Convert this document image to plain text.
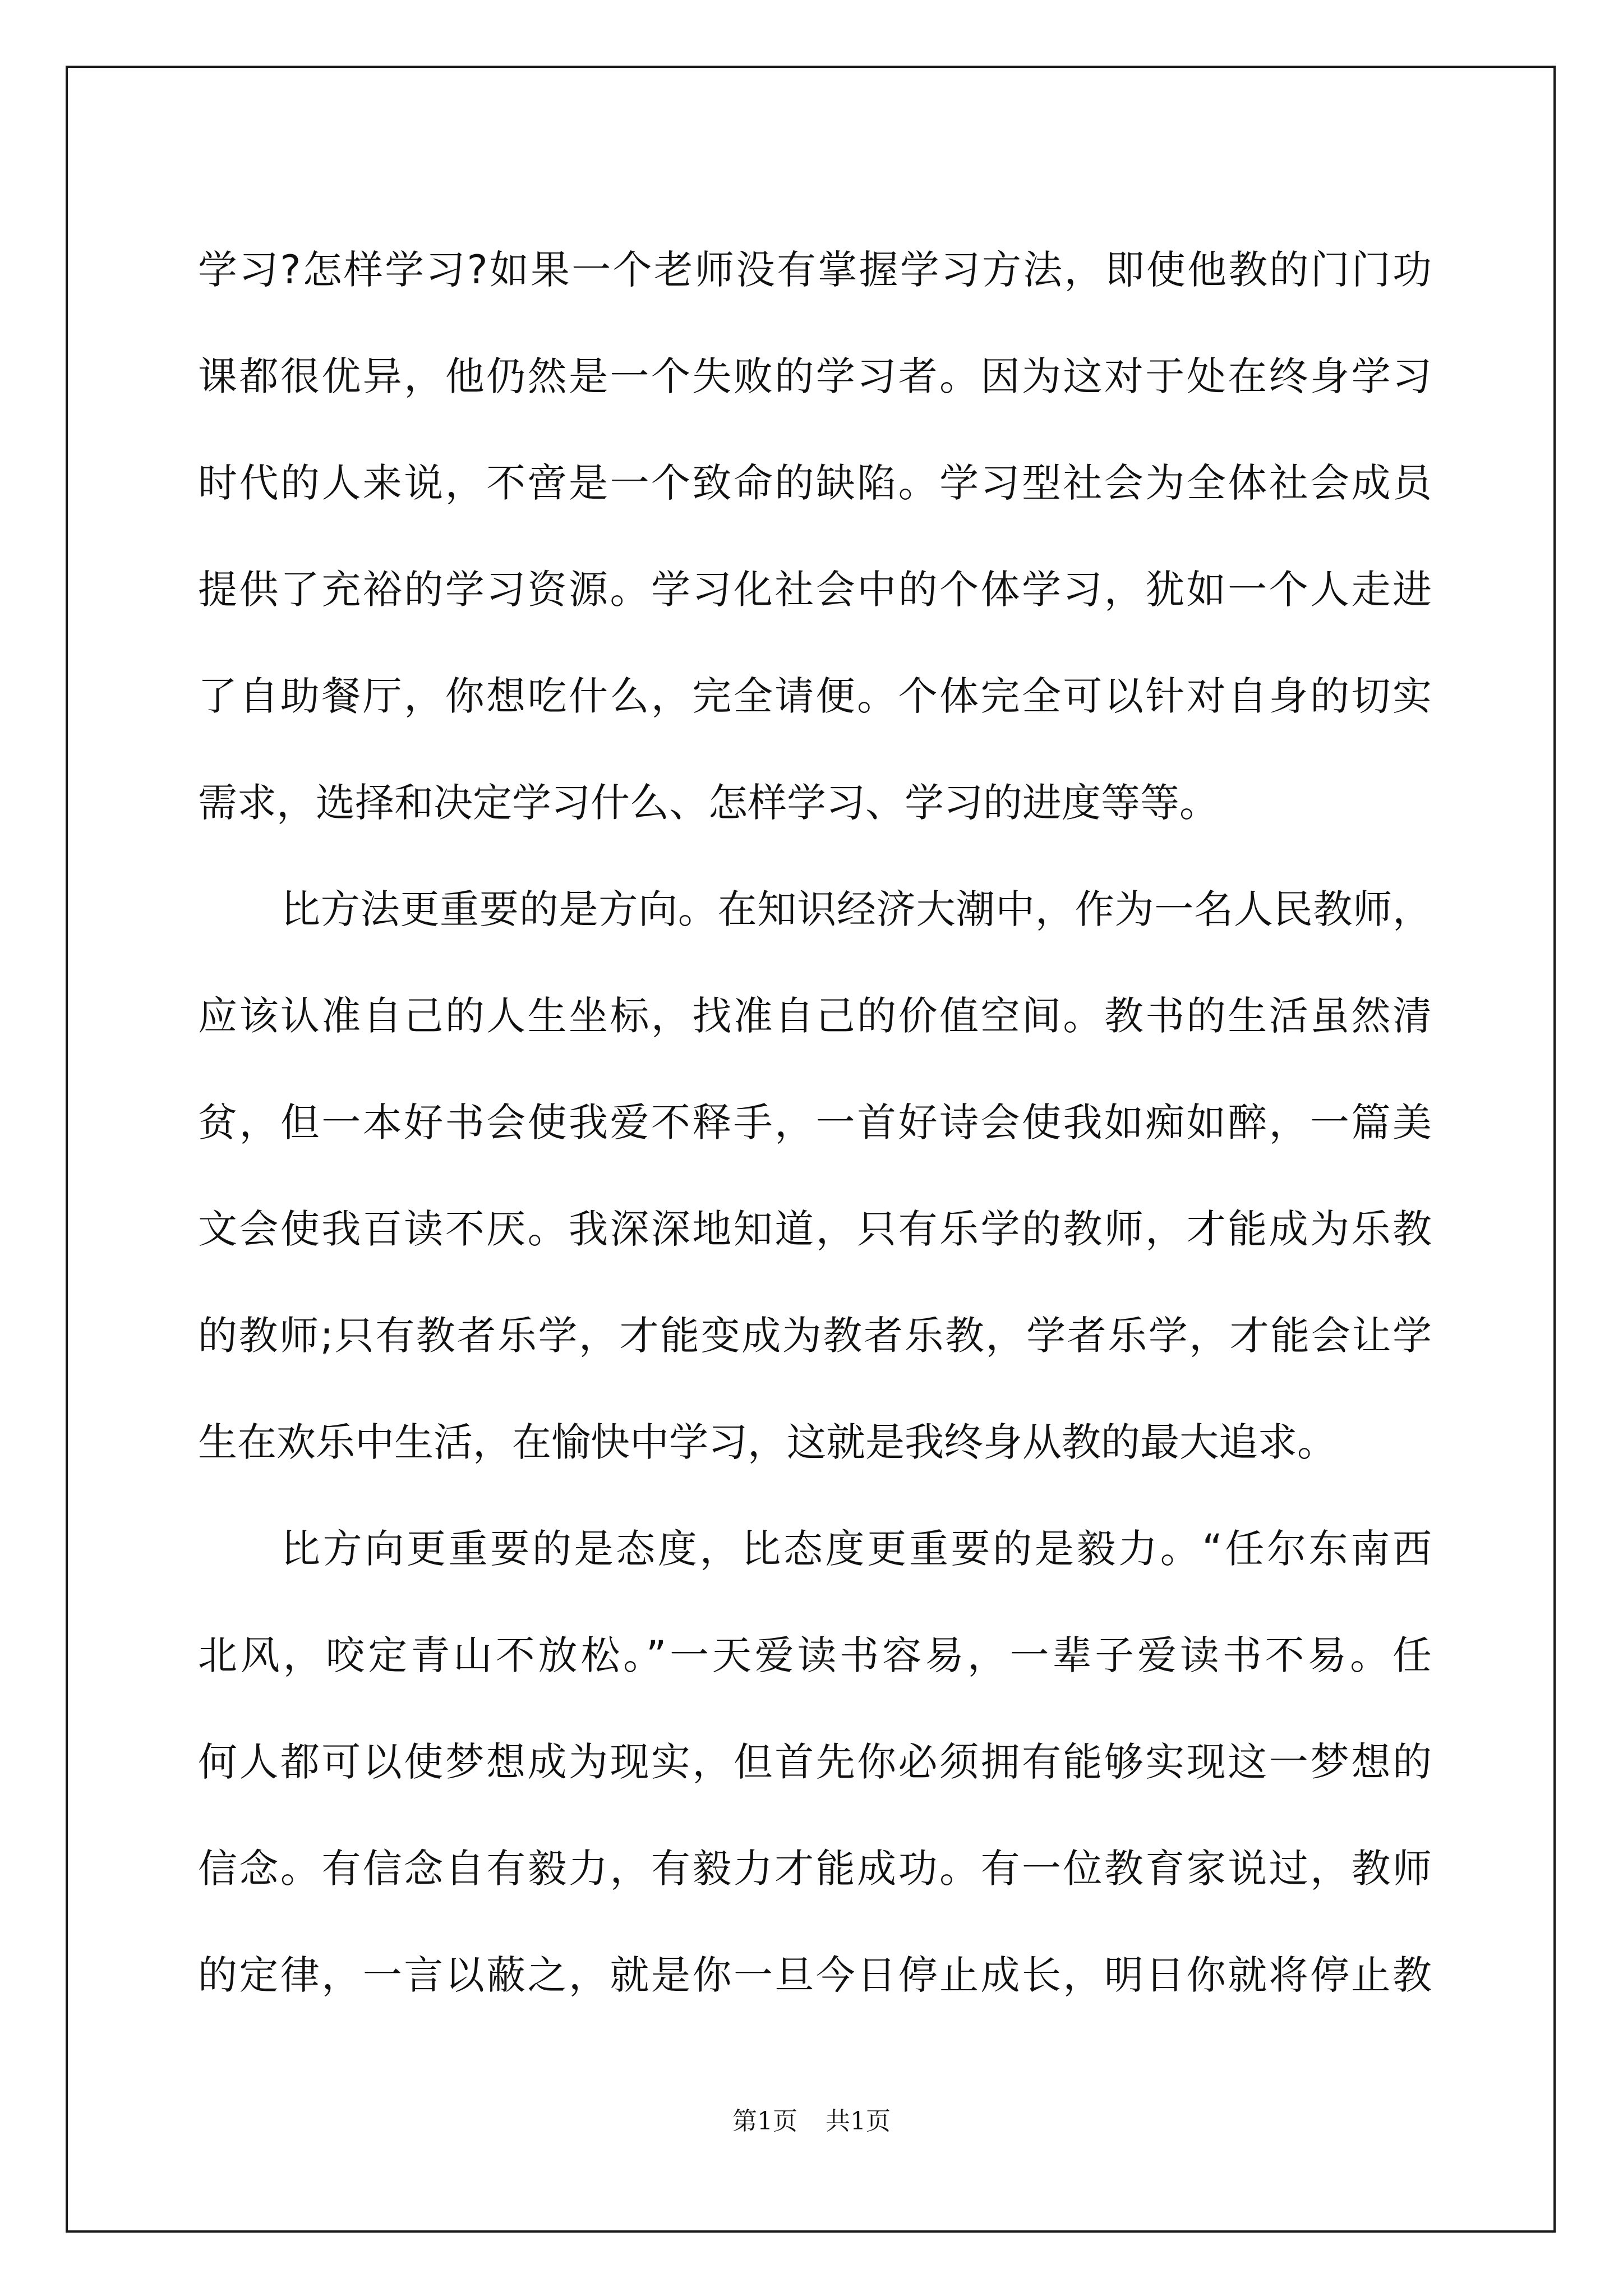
学习?怎样学习?如果一个老师没有掌握学习方法，即使他教的门门功
课都很优异，他仍然是一个失败的学习者。因为这对于处在终身学习
时代的人来说，不啻是一个致命的缺陷。学习型社会为全体社会成员
提供了充裕的学习资源。学习化社会中的个体学习，犹如一个人走进
了自助餐厅，你想吃什么，完全请便。个体完全可以针对自身的切实
需求，选择和决定学习什么、怎样学习、学习的进度等等。
比方法更重要的是方向。在知识经济大潮中，作为一名人民教师，
应该认准自己的人生坐标，找准自己的价值空间。教书的生活虽然清
贫，但一本好书会使我爱不释手，一首好诗会使我如痴如醉，一篇美
文会使我百读不厌。我深深地知道，只有乐学的教师，才能成为乐教
的教师;只有教者乐学，才能变成为教者乐教，学者乐学，才能会让学
生在欢乐中生活，在愉快中学习，这就是我终身从教的最大追求。
比方向更重要的是态度，比态度更重要的是毅力。“任尔东南西
北风，咬定青山不放松。”一天爱读书容易，一辈子爱读书不易。任
何人都可以使梦想成为现实，但首先你必须拥有能够实现这一梦想的
信念。有信念自有毅力，有毅力才能成功。有一位教育家说过，教师
的定律，一言以蔽之，就是你一旦今日停止成长，明日你就将停止教
第1页 共1页
